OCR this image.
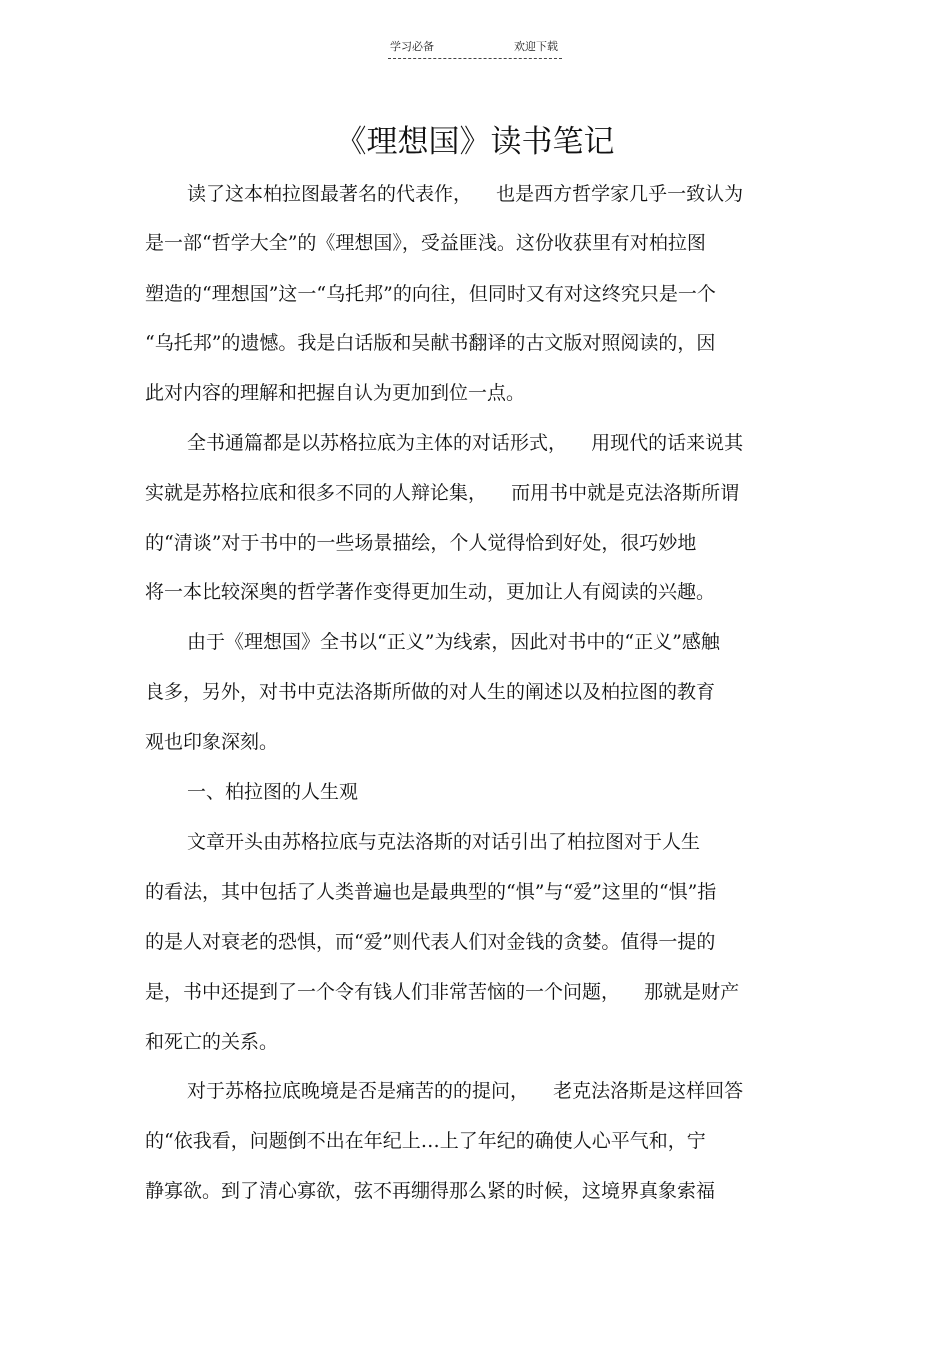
学习必备	欢迎下载
《理想国》读书笔记
读了这本柏拉图最著名的代表作，    也是西方哲学家几乎一致认为
是一部“哲学大全”的《理想国》，受益匪浅。这份收获里有对柏拉图
塑造的“理想国”这一“乌托邦”的向往，但同时又有对这终究只是一个
“乌托邦”的遗憾。我是白话版和吴献书翻译的古文版对照阅读的，因
此对内容的理解和把握自认为更加到位一点。
全书通篇都是以苏格拉底为主体的对话形式，    用现代的话来说其
实就是苏格拉底和很多不同的人辩论集，    而用书中就是克法洛斯所谓
的“清谈”对于书中的一些场景描绘，个人觉得恰到好处，很巧妙地
将一本比较深奥的哲学著作变得更加生动，更加让人有阅读的兴趣。
由于《理想国》全书以“正义”为线索，因此对书中的“正义”感触
良多，另外，对书中克法洛斯所做的对人生的阐述以及柏拉图的教育
观也印象深刻。
一、柏拉图的人生观
文章开头由苏格拉底与克法洛斯的对话引出了柏拉图对于人生
的看法，其中包括了人类普遍也是最典型的“惧”与“爱”这里的“惧”指
的是人对衰老的恐惧，而“爱”则代表人们对金钱的贪婪。值得一提的
是，书中还提到了一个令有钱人们非常苦恼的一个问题，    那就是财产
和死亡的关系。
对于苏格拉底晚境是否是痛苦的的提问，    老克法洛斯是这样回答
的“依我看，问题倒不出在年纪上…上了年纪的确使人心平气和，宁
静寡欲。到了清心寡欲，弦不再绷得那么紧的时候，这境界真象索福
